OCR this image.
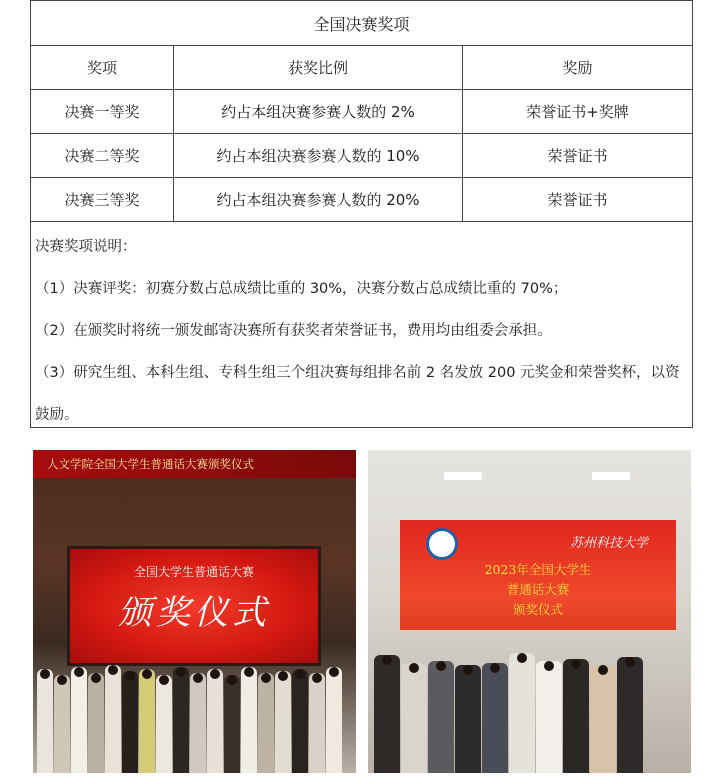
全国决赛奖项
奖项	获奖比例	奖励
决赛一等奖	约占本组决赛参赛人数的 2%	荣誉证书+奖牌
决赛二等奖	约占本组决赛参赛人数的 10%	荣誉证书
决赛三等奖	约占本组决赛参赛人数的 20%	荣誉证书

决赛奖项说明：

（1）决赛评奖：初赛分数占总成绩比重的 30%，决赛分数占总成绩比重的 70%；

（2）在颁奖时将统一颁发邮寄决赛所有获奖者荣誉证书，费用均由组委会承担。

（3）研究生组、本科生组、专科生组三个组决赛每组排名前 2 名发放 200 元奖金和荣誉奖杯，以资鼓励。

人文学院全国大学生普通话大赛颁奖仪式
全国大学生普通话大赛
颁奖仪式
苏州科技大学
2023年全国大学生
普通话大赛
颁奖仪式
